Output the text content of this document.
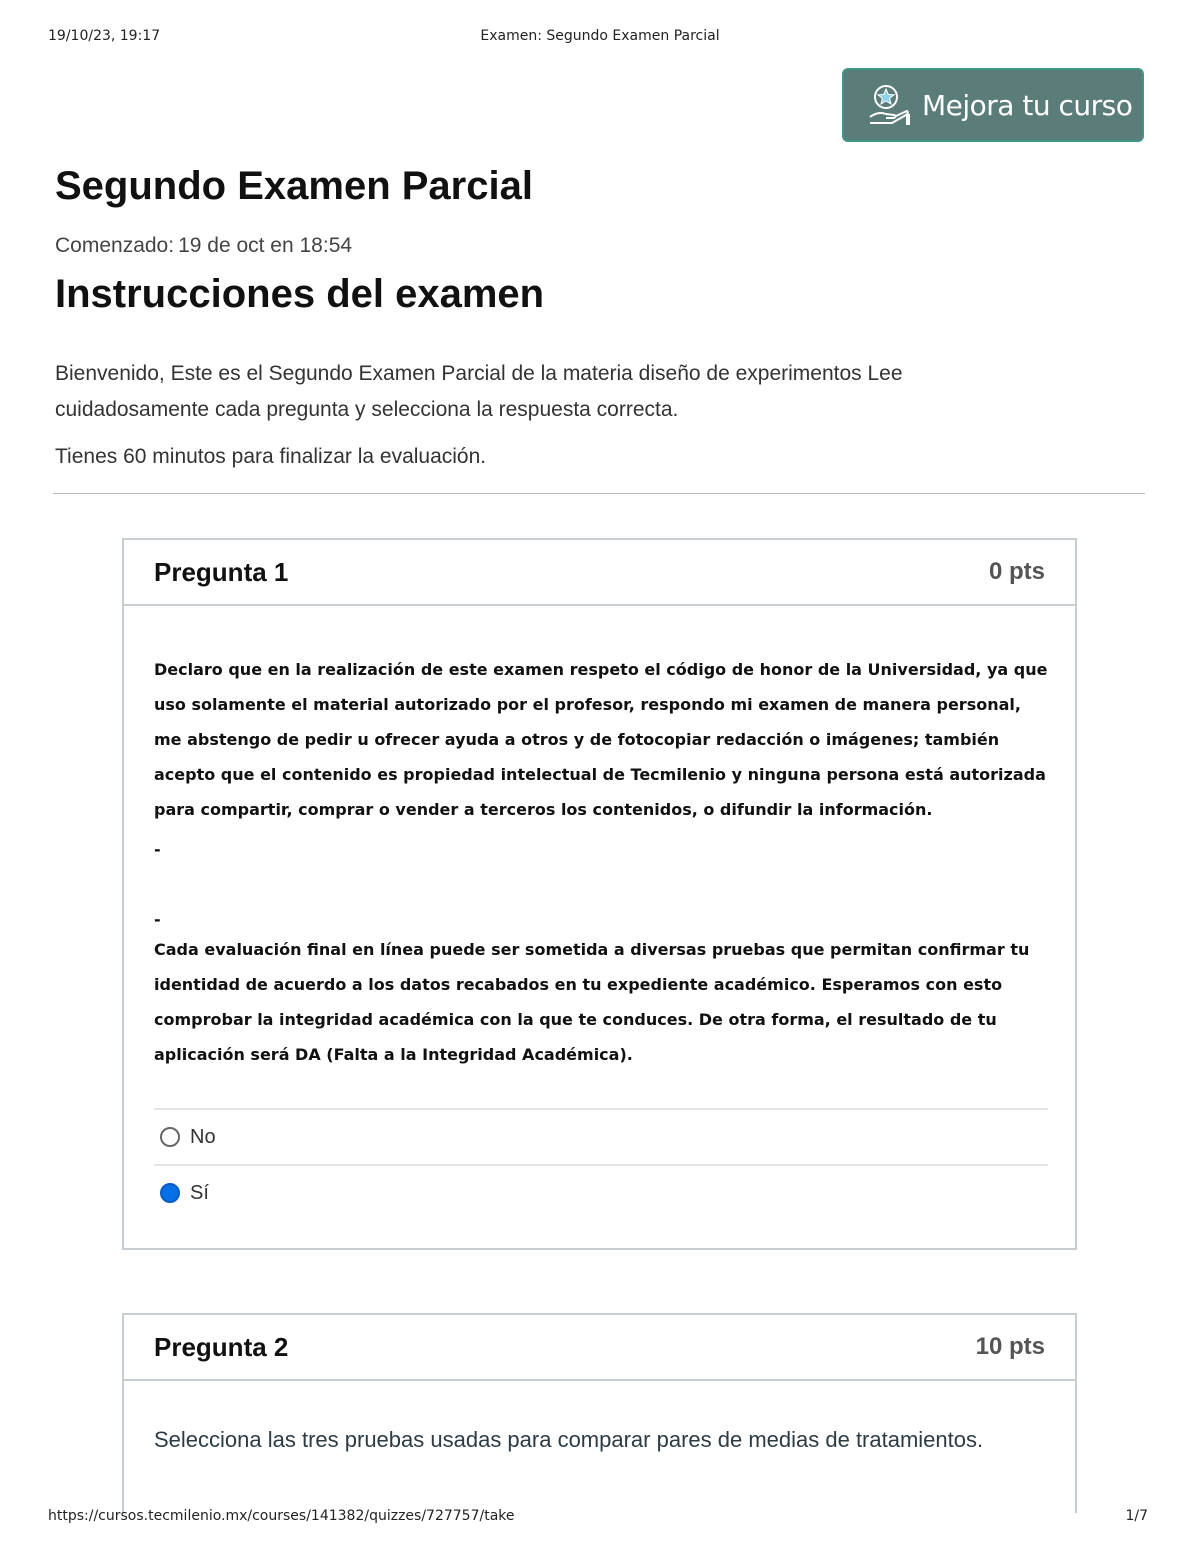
19/10/23, 19:17	Examen: Segundo Examen Parcial
Mejora tu curso
Segundo Examen Parcial
Comenzado: 19 de oct en 18:54
Instrucciones del examen

Bienvenido, Este es el Segundo Examen Parcial de la materia diseño de experimentos Lee cuidadosamente cada pregunta y selecciona la respuesta correcta.

Tienes 60 minutos para finalizar la evaluación.

Pregunta 1	0 pts

Declaro que en la realización de este examen respeto el código de honor de la Universidad, ya que uso solamente el material autorizado por el profesor, respondo mi examen de manera personal, me abstengo de pedir u ofrecer ayuda a otros y de fotocopiar redacción o imágenes; también acepto que el contenido es propiedad intelectual de Tecmilenio y ninguna persona está autorizada para compartir, comprar o vender a terceros los contenidos, o difundir la información.

-
-

Cada evaluación final en línea puede ser sometida a diversas pruebas que permitan confirmar tu identidad de acuerdo a los datos recabados en tu expediente académico. Esperamos con esto comprobar la integridad académica con la que te conduces. De otra forma, el resultado de tu aplicación será DA (Falta a la Integridad Académica).

No
Sí
Pregunta 2	10 pts

Selecciona las tres pruebas usadas para comparar pares de medias de tratamientos.

https://cursos.tecmilenio.mx/courses/141382/quizzes/727757/take	1/7
